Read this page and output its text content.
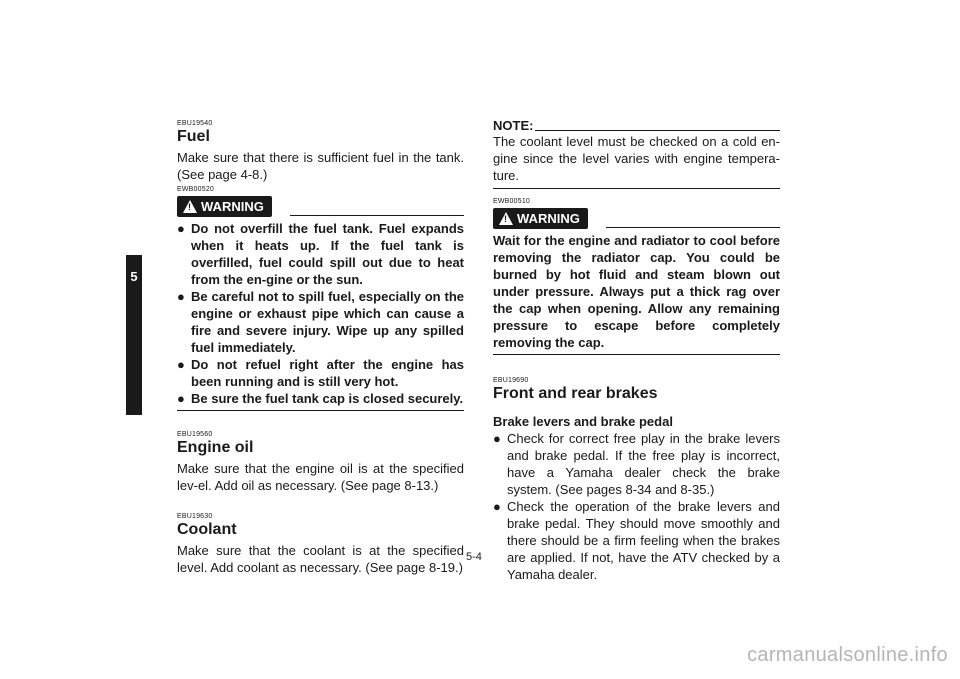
5
EBU19540
Fuel

Make sure that there is sufficient fuel in the tank. (See page 4-8.)

EWB00520
! WARNING
● Do not overfill the fuel tank. Fuel expands when it heats up. If the fuel tank is overfilled, fuel could spill out due to heat from the en-gine or the sun.
● Be careful not to spill fuel, especially on the engine or exhaust pipe which can cause a fire and severe injury. Wipe up any spilled fuel immediately.
● Do not refuel right after the engine has been running and is still very hot.
● Be sure the fuel tank cap is closed securely.
EBU19560
Engine oil

Make sure that the engine oil is at the specified lev-el. Add oil as necessary. (See page 8-13.)

EBU19630
Coolant

Make sure that the coolant is at the specified level. Add coolant as necessary. (See page 8-19.)

NOTE:

The coolant level must be checked on a cold en-gine since the level varies with engine tempera-ture.

EWB00510
! WARNING

Wait for the engine and radiator to cool before removing the radiator cap. You could be burned by hot fluid and steam blown out under pressure. Always put a thick rag over the cap when opening. Allow any remaining pressure to escape before completely removing the cap.

EBU19690
Front and rear brakes
Brake levers and brake pedal
● Check for correct free play in the brake levers and brake pedal. If the free play is incorrect, have a Yamaha dealer check the brake system. (See pages 8-34 and 8-35.)
● Check the operation of the brake levers and brake pedal. They should move smoothly and there should be a firm feeling when the brakes are applied. If not, have the ATV checked by a Yamaha dealer.
5-4
carmanualsonline.info
